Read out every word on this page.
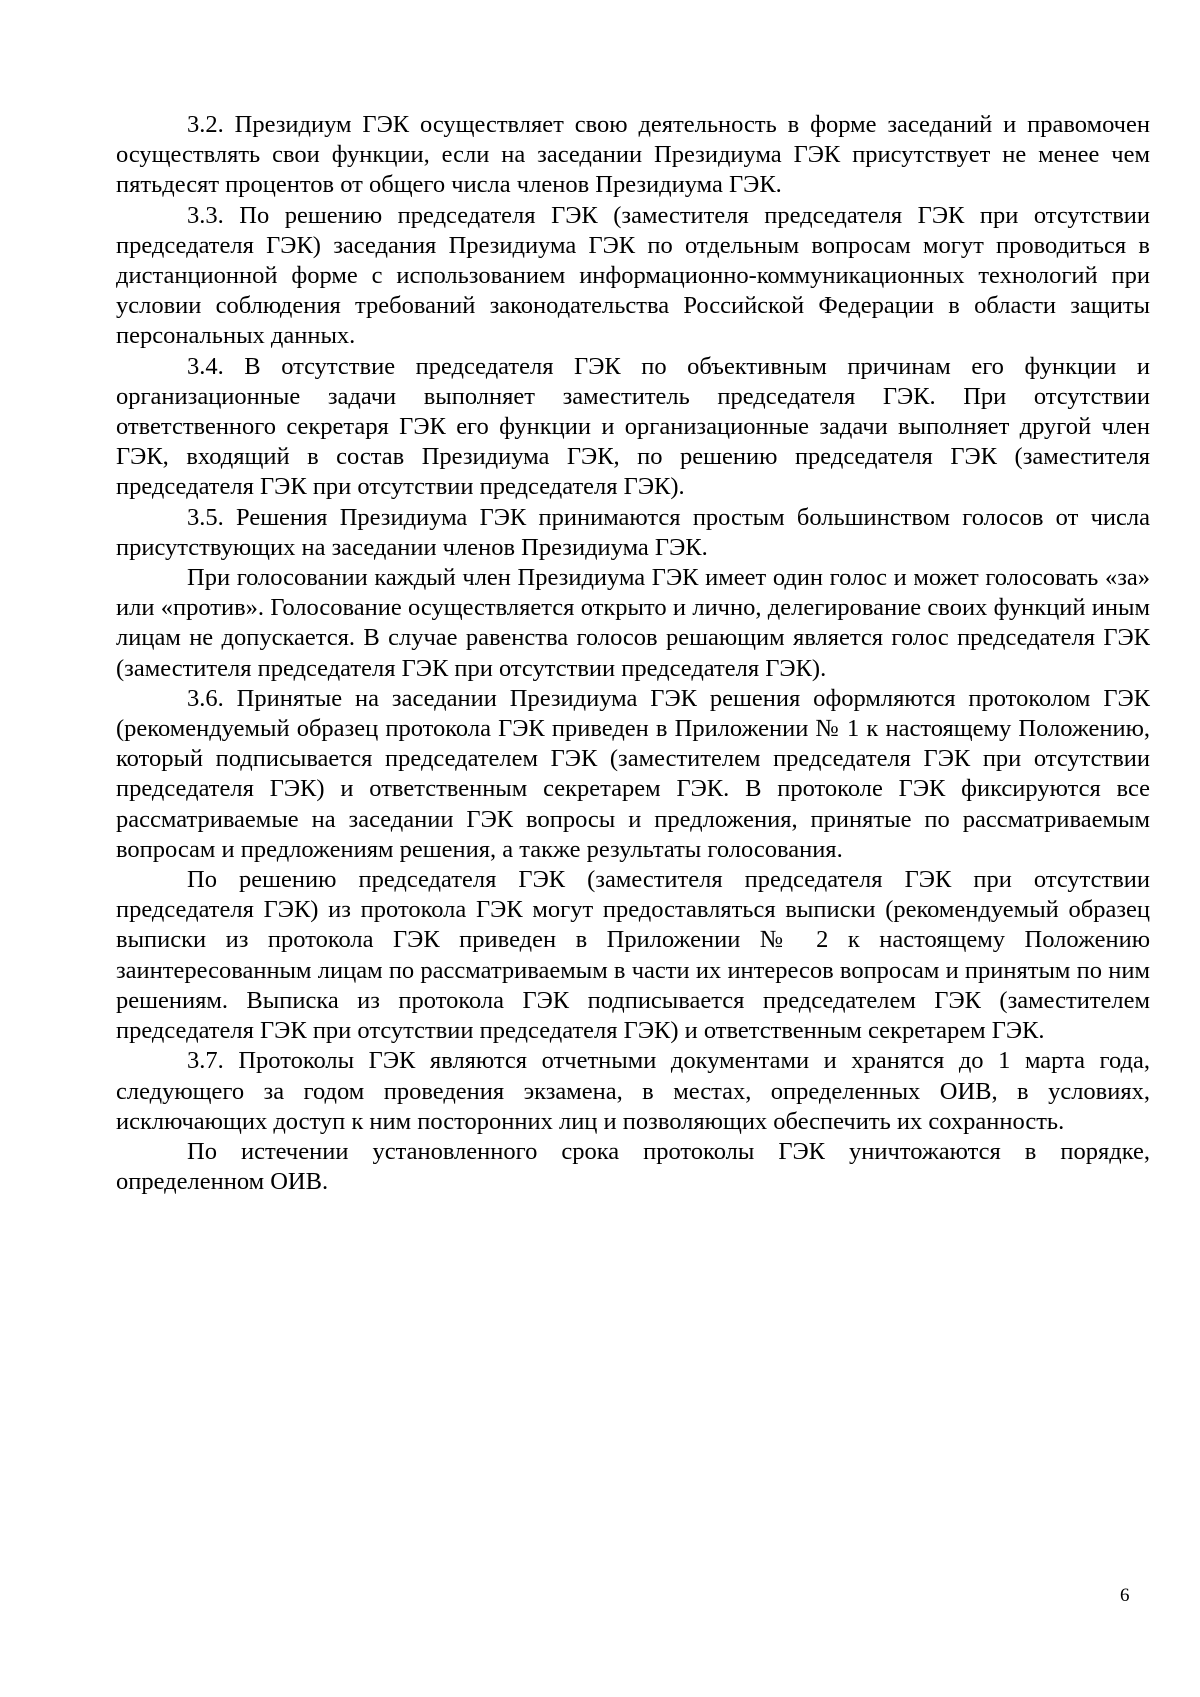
3.2. Президиум ГЭК осуществляет свою деятельность в форме заседаний и правомочен осуществлять свои функции, если на заседании Президиума ГЭК присутствует не менее чем пятьдесят процентов от общего числа членов Президиума ГЭК.

3.3. По решению председателя ГЭК (заместителя председателя ГЭК при отсутствии председателя ГЭК) заседания Президиума ГЭК по отдельным вопросам могут проводиться в дистанционной форме с использованием информационно-коммуникационных технологий при условии соблюдения требований законодательства Российской Федерации в области защиты персональных данных.

3.4. В отсутствие председателя ГЭК по объективным причинам его функции и организационные задачи выполняет заместитель председателя ГЭК. При отсутствии ответственного секретаря ГЭК его функции и организационные задачи выполняет другой член ГЭК, входящий в состав Президиума ГЭК, по решению председателя ГЭК (заместителя председателя ГЭК при отсутствии председателя ГЭК).

3.5. Решения Президиума ГЭК принимаются простым большинством голосов от числа присутствующих на заседании членов Президиума ГЭК.

При голосовании каждый член Президиума ГЭК имеет один голос и может голосовать «за» или «против». Голосование осуществляется открыто и лично, делегирование своих функций иным лицам не допускается. В случае равенства голосов решающим является голос председателя ГЭК (заместителя председателя ГЭК при отсутствии председателя ГЭК).

3.6. Принятые на заседании Президиума ГЭК решения оформляются протоколом ГЭК (рекомендуемый образец протокола ГЭК приведен в Приложении № 1 к настоящему Положению, который подписывается председателем ГЭК (заместителем председателя ГЭК при отсутствии председателя ГЭК) и ответственным секретарем ГЭК. В протоколе ГЭК фиксируются все рассматриваемые на заседании ГЭК вопросы и предложения, принятые по рассматриваемым вопросам и предложениям решения, а также результаты голосования.

По решению председателя ГЭК (заместителя председателя ГЭК при отсутствии председателя ГЭК) из протокола ГЭК могут предоставляться выписки (рекомендуемый образец выписки из протокола ГЭК приведен в Приложении № 2 к настоящему Положению заинтересованным лицам по рассматриваемым в части их интересов вопросам и принятым по ним решениям. Выписка из протокола ГЭК подписывается председателем ГЭК (заместителем председателя ГЭК при отсутствии председателя ГЭК) и ответственным секретарем ГЭК.

3.7. Протоколы ГЭК являются отчетными документами и хранятся до 1 марта года, следующего за годом проведения экзамена, в местах, определенных ОИВ, в условиях, исключающих доступ к ним посторонних лиц и позволяющих обеспечить их сохранность.

По истечении установленного срока протоколы ГЭК уничтожаются в порядке, определенном ОИВ.

6
